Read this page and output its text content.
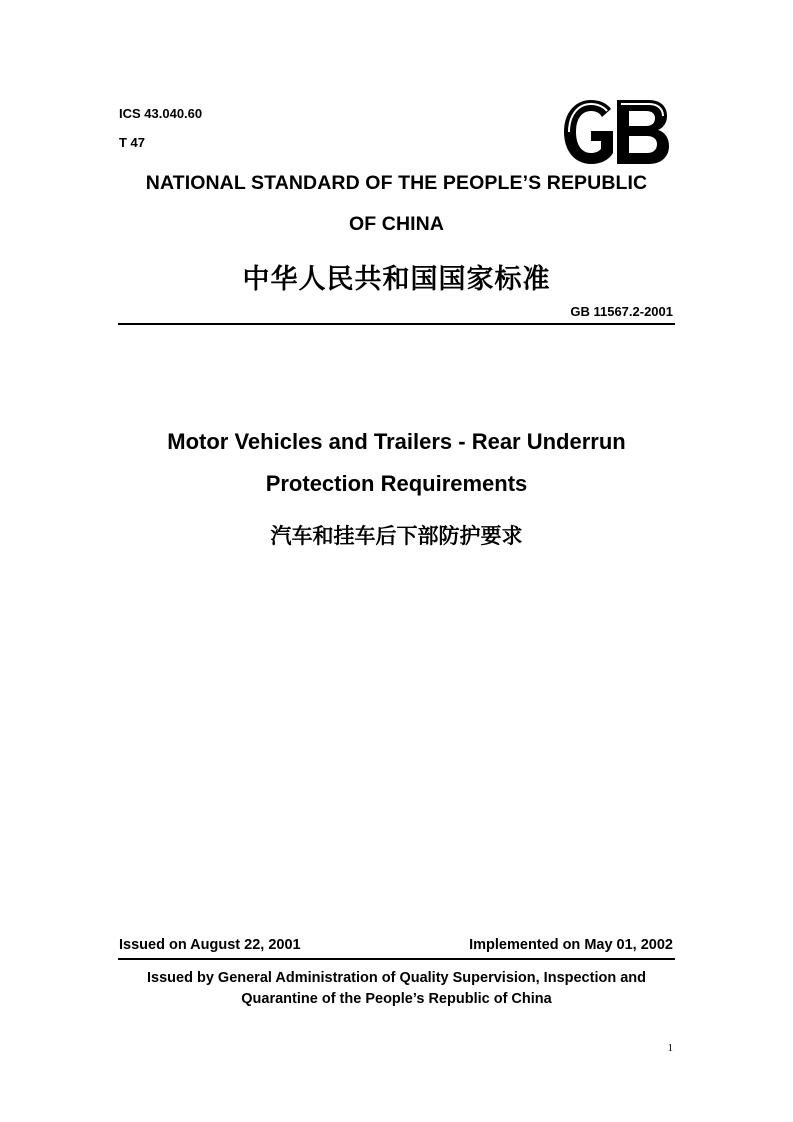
ICS 43.040.60
T 47
NATIONAL STANDARD OF THE PEOPLE’S REPUBLIC
OF CHINA
中华人民共和国国家标准
GB 11567.2-2001
Motor Vehicles and Trailers - Rear Underrun
Protection Requirements
汽车和挂车后下部防护要求
Issued on August 22, 2001	Implemented on May 01, 2002
Issued by General Administration of Quality Supervision, Inspection and
Quarantine of the People’s Republic of China
1
